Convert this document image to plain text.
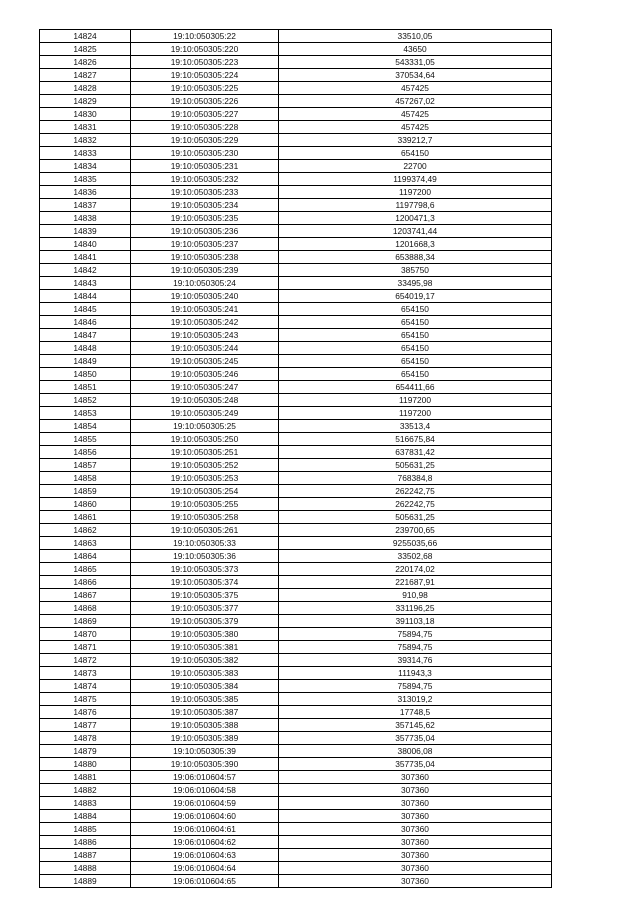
14824	19:10:050305:22	33510,05
14825	19:10:050305:220	43650
14826	19:10:050305:223	543331,05
14827	19:10:050305:224	370534,64
14828	19:10:050305:225	457425
14829	19:10:050305:226	457267,02
14830	19:10:050305:227	457425
14831	19:10:050305:228	457425
14832	19:10:050305:229	339212,7
14833	19:10:050305:230	654150
14834	19:10:050305:231	22700
14835	19:10:050305:232	1199374,49
14836	19:10:050305:233	1197200
14837	19:10:050305:234	1197798,6
14838	19:10:050305:235	1200471,3
14839	19:10:050305:236	1203741,44
14840	19:10:050305:237	1201668,3
14841	19:10:050305:238	653888,34
14842	19:10:050305:239	385750
14843	19:10:050305:24	33495,98
14844	19:10:050305:240	654019,17
14845	19:10:050305:241	654150
14846	19:10:050305:242	654150
14847	19:10:050305:243	654150
14848	19:10:050305:244	654150
14849	19:10:050305:245	654150
14850	19:10:050305:246	654150
14851	19:10:050305:247	654411,66
14852	19:10:050305:248	1197200
14853	19:10:050305:249	1197200
14854	19:10:050305:25	33513,4
14855	19:10:050305:250	516675,84
14856	19:10:050305:251	637831,42
14857	19:10:050305:252	505631,25
14858	19:10:050305:253	768384,8
14859	19:10:050305:254	262242,75
14860	19:10:050305:255	262242,75
14861	19:10:050305:258	505631,25
14862	19:10:050305:261	239700,65
14863	19:10:050305:33	9255035,66
14864	19:10:050305:36	33502,68
14865	19:10:050305:373	220174,02
14866	19:10:050305:374	221687,91
14867	19:10:050305:375	910,98
14868	19:10:050305:377	331196,25
14869	19:10:050305:379	391103,18
14870	19:10:050305:380	75894,75
14871	19:10:050305:381	75894,75
14872	19:10:050305:382	39314,76
14873	19:10:050305:383	111943,3
14874	19:10:050305:384	75894,75
14875	19:10:050305:385	313019,2
14876	19:10:050305:387	17748,5
14877	19:10:050305:388	357145,62
14878	19:10:050305:389	357735,04
14879	19:10:050305:39	38006,08
14880	19:10:050305:390	357735,04
14881	19:06:010604:57	307360
14882	19:06:010604:58	307360
14883	19:06:010604:59	307360
14884	19:06:010604:60	307360
14885	19:06:010604:61	307360
14886	19:06:010604:62	307360
14887	19:06:010604:63	307360
14888	19:06:010604:64	307360
14889	19:06:010604:65	307360
